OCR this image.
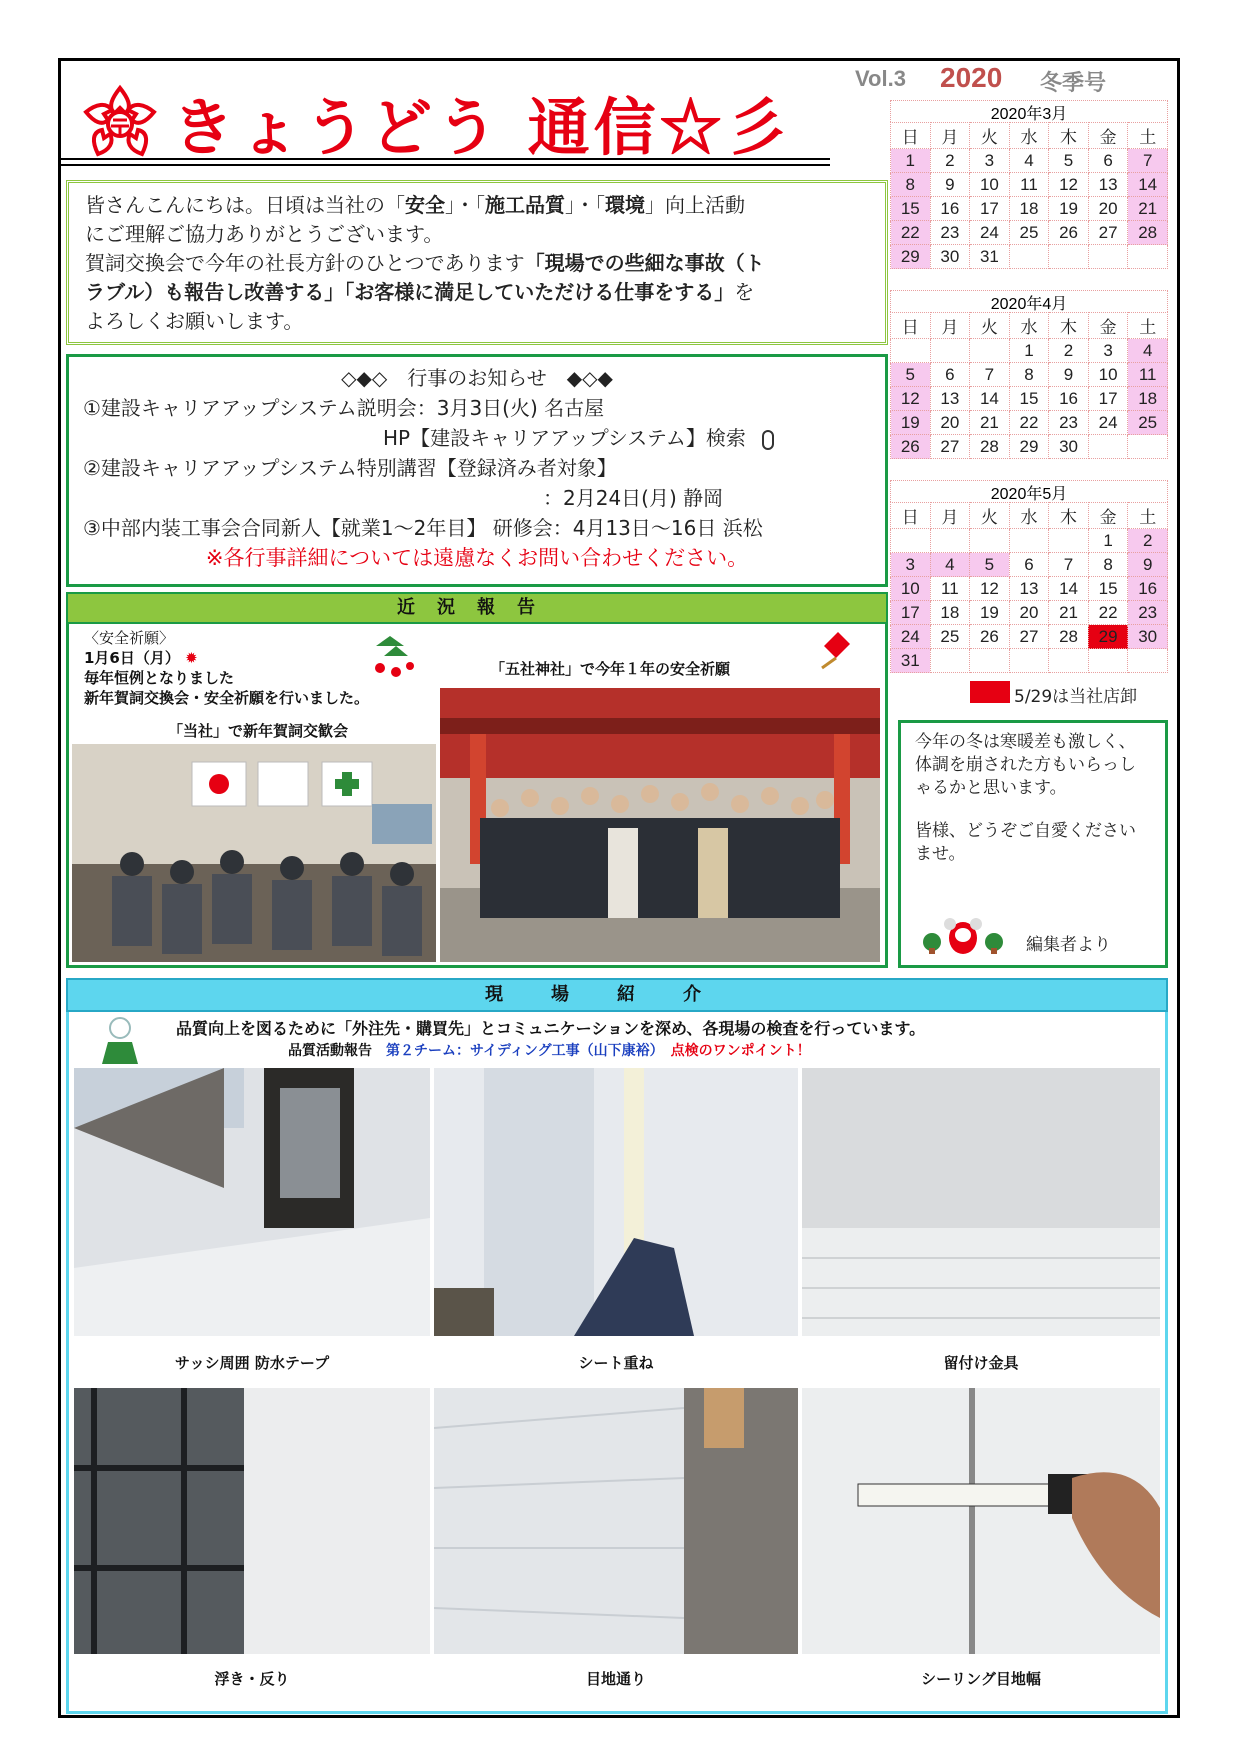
きょうどう 通信☆彡
Vol.3 2020 冬季号
皆さんこんにちは。日頃は当社の「安全」・「施工品質」・「環境」向上活動
にご理解ご協力ありがとうございます。
賀詞交換会で今年の社長方針のひとつであります「現場での些細な事故（ト
ラブル）も報告し改善する」「お客様に満足していただける仕事をする」を
よろしくお願いします。
◇◆◇　行事のお知らせ　◆◇◆
①建設キャリアアップシステム説明会：3月3日(火) 名古屋
HP【建設キャリアアップシステム】検索
②建設キャリアアップシステム特別講習【登録済み者対象】
：2月24日(月) 静岡
③中部内装工事会合同新人【就業1～2年目】 研修会：4月13日～16日 浜松
※各行事詳細については遠慮なくお問い合わせください。
2020年3月
日	月	火	水	木	金	土
1	2	3	4	5	6	7
8	9	10	11	12	13	14
15	16	17	18	19	20	21
22	23	24	25	26	27	28
29	30	31				
2020年4月
日	月	火	水	木	金	土
			1	2	3	4
5	6	7	8	9	10	11
12	13	14	15	16	17	18
19	20	21	22	23	24	25
26	27	28	29	30		
2020年5月
日	月	火	水	木	金	土
					1	2
3	4	5	6	7	8	9
10	11	12	13	14	15	16
17	18	19	20	21	22	23
24	25	26	27	28	29	30
31						
5/29は当社店卸
今年の冬は寒暖差も激しく、体調を崩された方もいらっしゃるかと思います。
皆様、どうぞご自愛くださいませ。
編集者より
近況報告
〈安全祈願〉
1月6日（月） ✹
毎年恒例となりました
新年賀詞交換会・安全祈願を行いました。
「当社」で新年賀詞交歓会
「五社神社」で今年１年の安全祈願
現場紹介
品質向上を図るために「外注先・購買先」とコミュニケーションを深め、各現場の検査を行っています。
品質活動報告　 第２チーム：サイディング工事（山下康裕）　 点検のワンポイント！
サッシ周囲 防水テープ	シート重ね	留付け金具
浮き・反り	目地通り	シーリング目地幅
